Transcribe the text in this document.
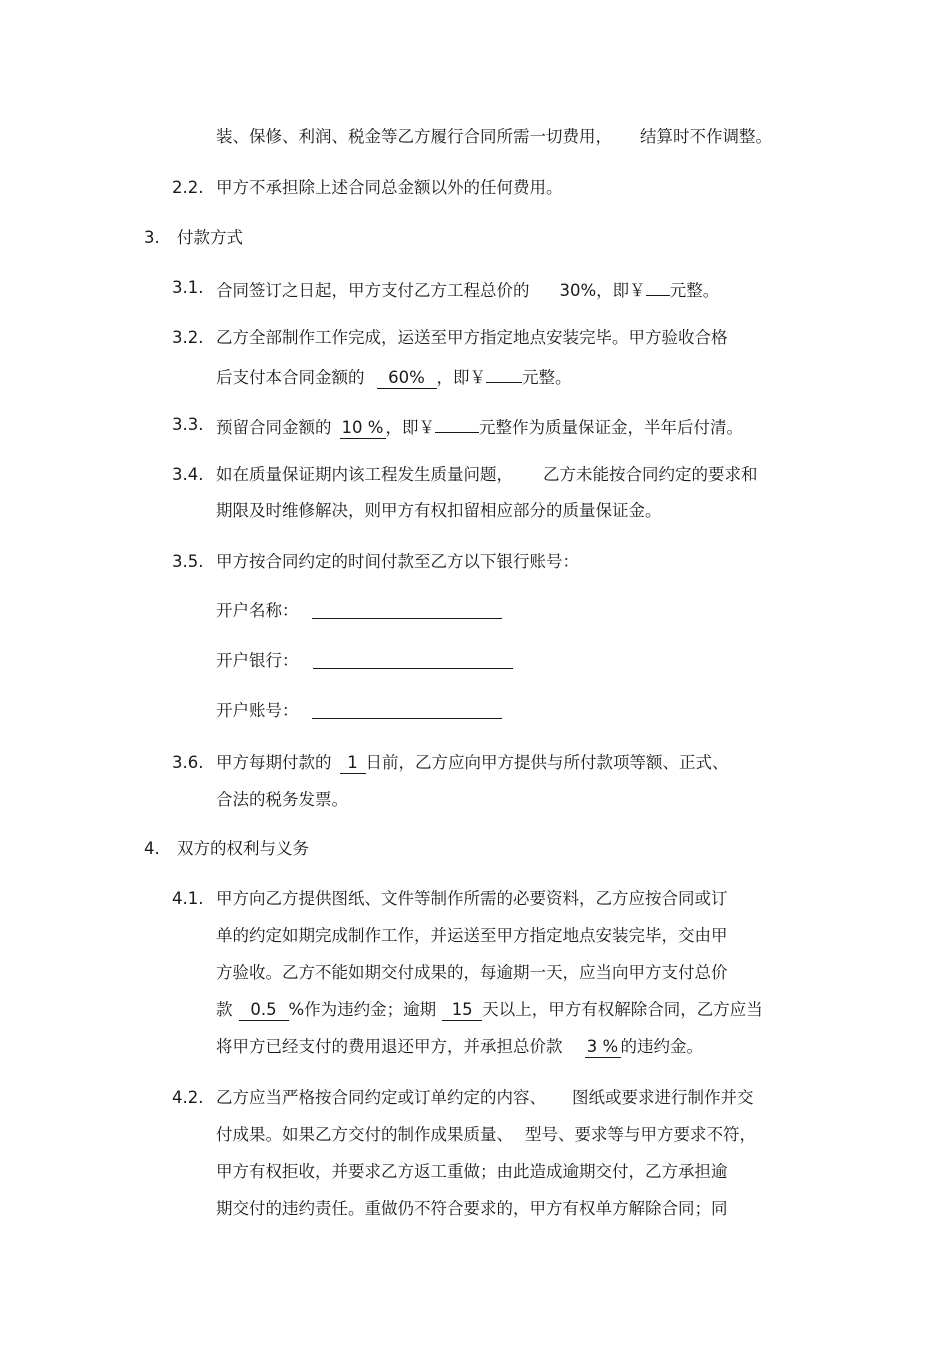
装、保修、利润、税金等乙方履行合同所需一切费用， 结算时不作调整。
2.2. 甲方不承担除上述合同总金额以外的任何费用。
3. 付款方式
3.1. 合同签订之日起，甲方支付乙方工程总价的 30%，即￥ 元整。
3.2. 乙方全部制作工作完成，运送至甲方指定地点安装完毕。甲方验收合格
后支付本合同金额的 60% ，即￥ 元整。
3.3. 预留合同金额的 10 % ，即￥	元整作为质量保证金，半年后付清。
3.4. 如在质量保证期内该工程发生质量问题， 乙方未能按合同约定的要求和
期限及时维修解决，则甲方有权扣留相应部分的质量保证金。
3.5. 甲方按合同约定的时间付款至乙方以下银行账号：
开户名称：
开户银行：
开户账号：
3.6. 甲方每期付款的 1 日前，乙方应向甲方提供与所付款项等额、正式、
合法的税务发票。
4. 双方的权利与义务
4.1. 甲方向乙方提供图纸、文件等制作所需的必要资料，乙方应按合同或订
单的约定如期完成制作工作，并运送至甲方指定地点安装完毕，交由甲
方验收。乙方不能如期交付成果的，每逾期一天，应当向甲方支付总价
款 0.5 %作为违约金；逾期 15 天以上，甲方有权解除合同，乙方应当
将甲方已经支付的费用退还甲方，并承担总价款 3 % 的违约金。
4.2. 乙方应当严格按合同约定或订单约定的内容、 图纸或要求进行制作并交
付成果。如果乙方交付的制作成果质量、 型号、要求等与甲方要求不符，
甲方有权拒收，并要求乙方返工重做；由此造成逾期交付，乙方承担逾
期交付的违约责任。重做仍不符合要求的，甲方有权单方解除合同；同
